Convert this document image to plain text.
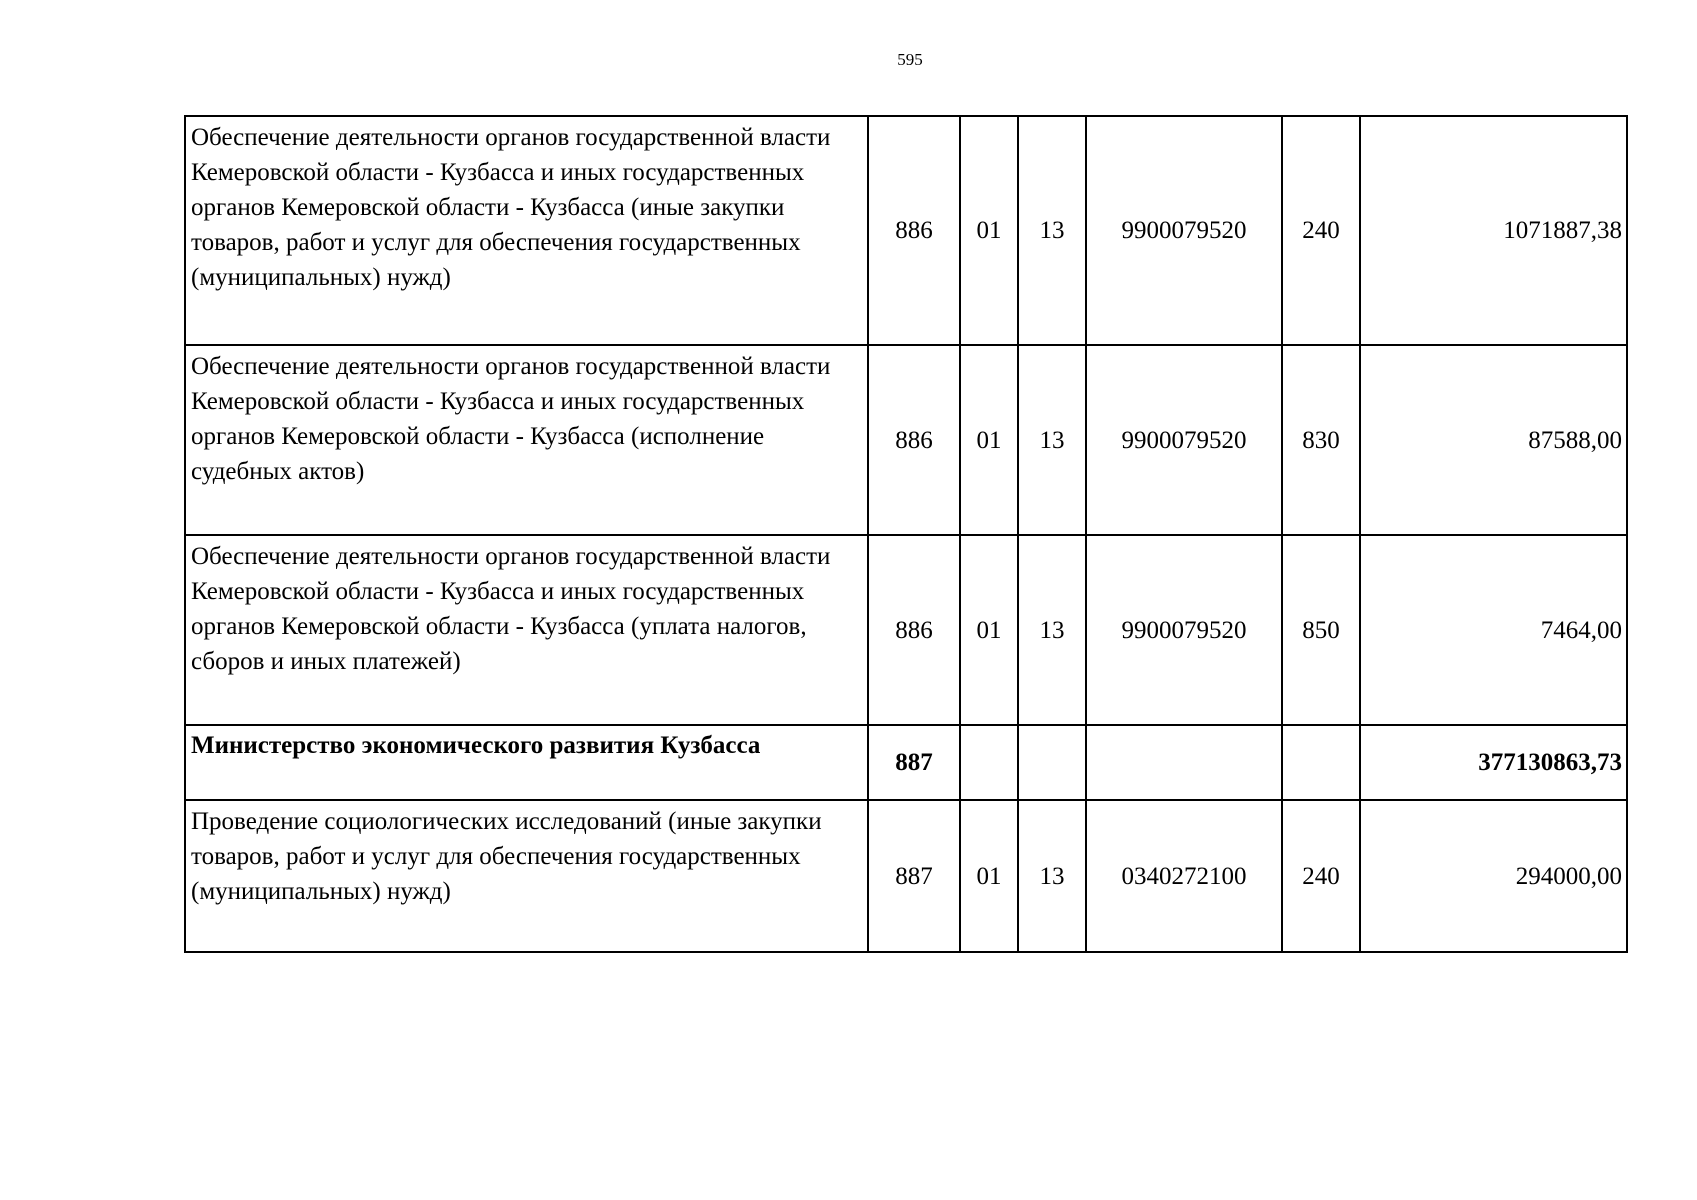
595
Обеспечение деятельности органов государственной власти Кемеровской области - Кузбасса и иных государственных органов Кемеровской области - Кузбасса (иные закупки товаров, работ и услуг для обеспечения государственных (муниципальных) нужд)	886	01	13	9900079520	240	1071887,38
Обеспечение деятельности органов государственной власти Кемеровской области - Кузбасса и иных государственных органов Кемеровской области - Кузбасса (исполнение судебных актов)	886	01	13	9900079520	830	87588,00
Обеспечение деятельности органов государственной власти Кемеровской области - Кузбасса и иных государственных органов Кемеровской области - Кузбасса (уплата налогов, сборов и иных платежей)	886	01	13	9900079520	850	7464,00
Министерство экономического развития Кузбасса	887					377130863,73
Проведение социологических исследований (иные закупки товаров, работ и услуг для обеспечения государственных (муниципальных) нужд)	887	01	13	0340272100	240	294000,00
